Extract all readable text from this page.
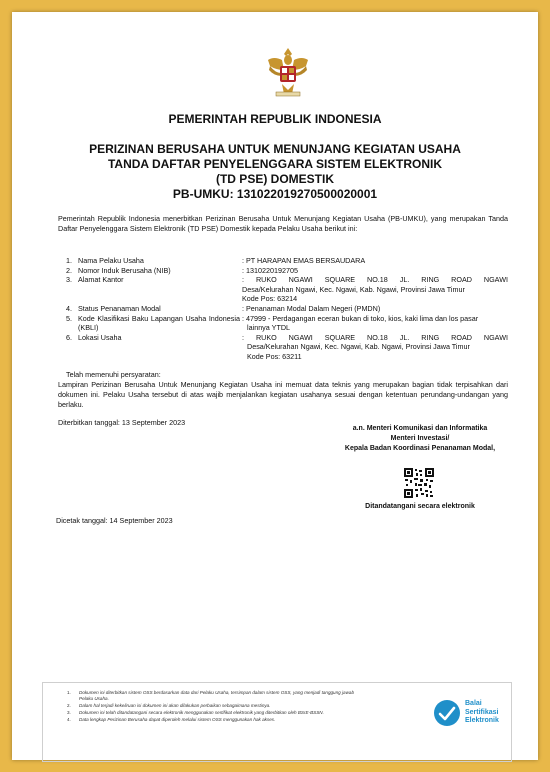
PEMERINTAH REPUBLIK INDONESIA
PERIZINAN BERUSAHA UNTUK MENUNJANG KEGIATAN USAHA
TANDA DAFTAR PENYELENGGARA SISTEM ELEKTRONIK
(TD PSE) DOMESTIK
PB-UMKU: 131022019270500020001
Pemerintah Republik Indonesia menerbitkan Perizinan Berusaha Untuk Menunjang Kegiatan Usaha (PB-UMKU), yang merupakan Tanda Daftar Penyelenggara Sistem Elektronik (TD PSE) Domestik kepada Pelaku Usaha berikut ini:
1.	Nama Pelaku Usaha	: PT HARAPAN EMAS BERSAUDARA
2.	Nomor Induk Berusaha (NIB)	: 1310220192705
3.	Alamat Kantor	: RUKO NGAWI SQUARE NO.18 JL. RING ROAD NGAWI
Desa/Kelurahan Ngawi, Kec. Ngawi, Kab. Ngawi, Provinsi Jawa Timur
Kode Pos: 63214

4.	Status Penanaman Modal	: Penanaman Modal Dalam Negeri (PMDN)
5.	Kode Klasifikasi Baku Lapangan Usaha Indonesia (KBLI)	: 47999 - Perdagangan eceran bukan di toko, kios, kaki lima dan los pasar
lainnya YTDL

6.	Lokasi Usaha	: RUKO NGAWI SQUARE NO.18 JL. RING ROAD NGAWI
Desa/Kelurahan Ngawi, Kec. Ngawi, Kab. Ngawi, Provinsi Jawa Timur
Kode Pos: 63211
Telah memenuhi persyaratan:
Lampiran Perizinan Berusaha Untuk Menunjang Kegiatan Usaha ini memuat data teknis yang merupakan bagian tidak terpisahkan dari dokumen ini. Pelaku Usaha tersebut di atas wajib menjalankan kegiatan usahanya sesuai dengan ketentuan perundang-undangan yang berlaku.
Diterbitkan tanggal: 13 September 2023
a.n. Menteri Komunikasi dan Informatika
Menteri Investasi/
Kepala Badan Koordinasi Penanaman Modal,
Ditandatangani secara elektronik
Dicetak tanggal: 14 September 2023
1. Dokumen ini diterbitkan sistem OSS berdasarkan data dari Pelaku Usaha, tersimpan dalam sistem OSS, yang menjadi tanggung jawab
Pelaku Usaha.
2. Dalam hal terjadi kekeliruan isi dokumen ini akan dilakukan perbaikan sebagaimana mestinya.
3. Dokumen ini telah ditandatangani secara elektronik menggunakan sertifikat elektronik yang diterbitkan oleh BSrE-BSSN.
4. Data lengkap Perizinan Berusaha dapat diperoleh melalui sistem OSS menggunakan hak akses.
Balai
Sertifikasi
Elektronik
